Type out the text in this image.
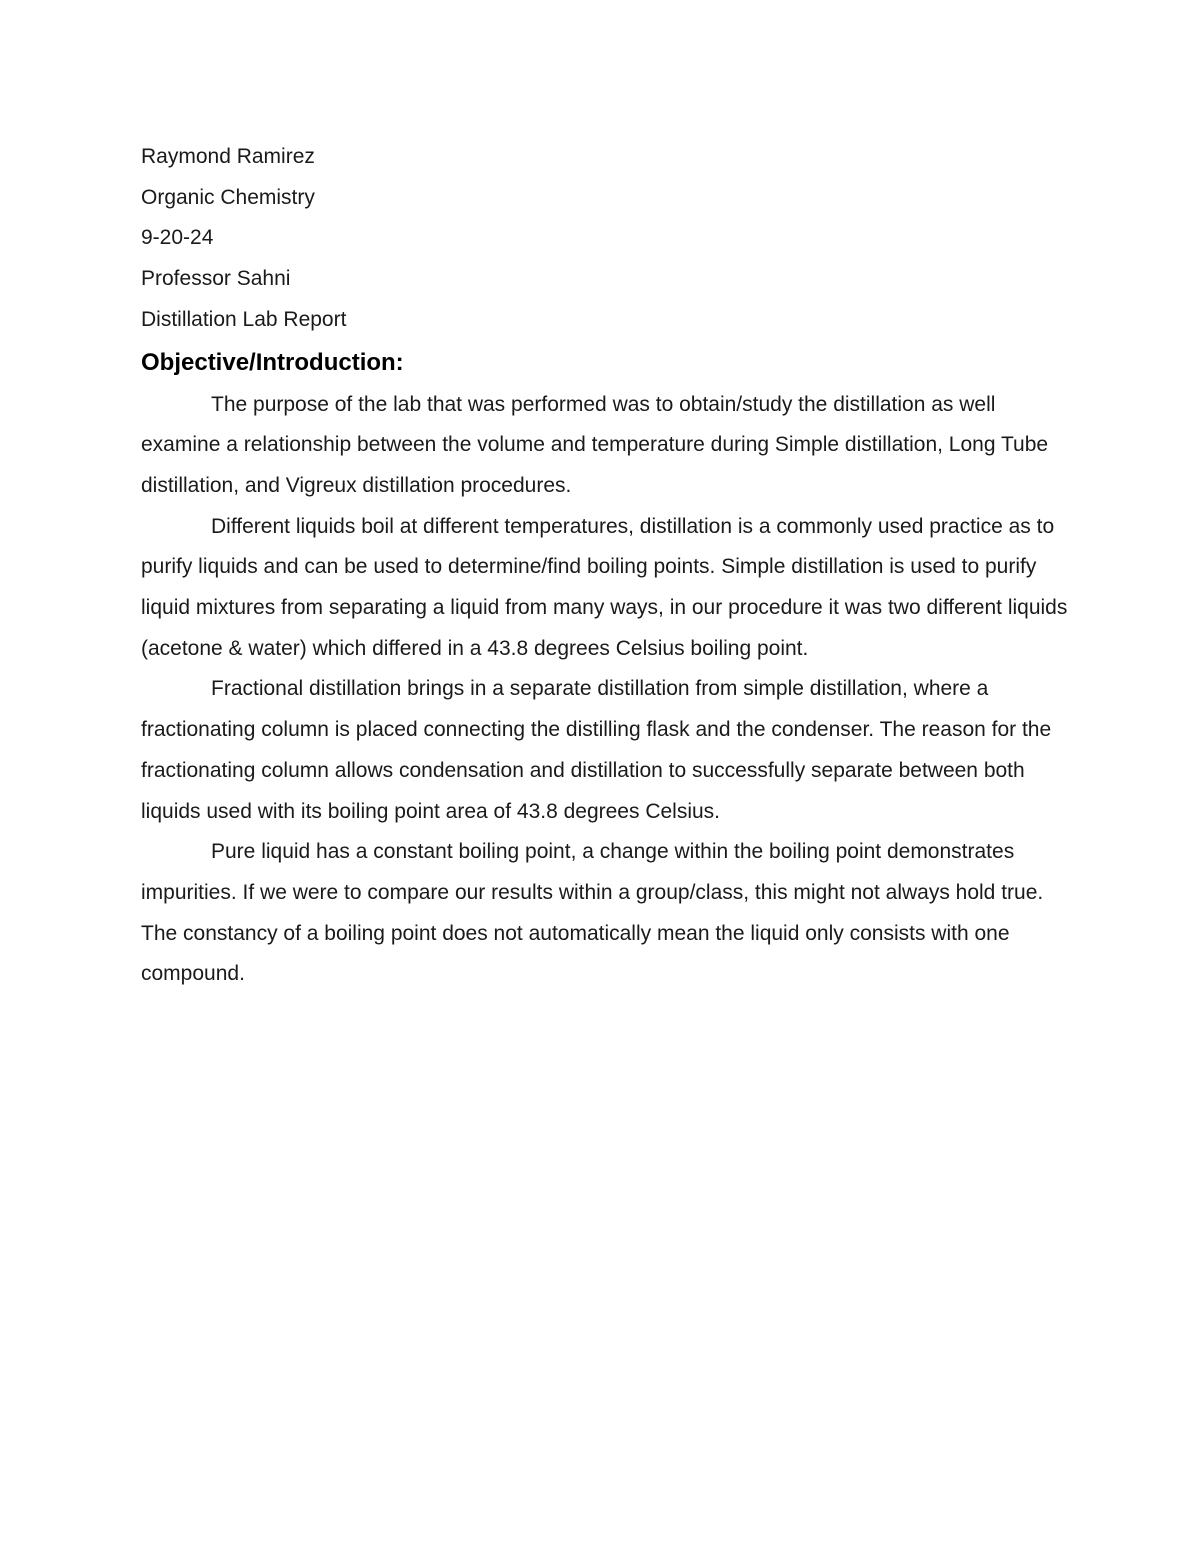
Raymond Ramirez

Organic Chemistry

9-20-24

Professor Sahni

Distillation Lab Report

Objective/Introduction:

The purpose of the lab that was performed was to obtain/study the distillation as well examine a relationship between the volume and temperature during Simple distillation, Long Tube distillation, and Vigreux distillation procedures.

Different liquids boil at different temperatures, distillation is a commonly used practice as to purify liquids and can be used to determine/find boiling points. Simple distillation is used to purify liquid mixtures from separating a liquid from many ways, in our procedure it was two different liquids (acetone & water) which differed in a 43.8 degrees Celsius boiling point.

Fractional distillation brings in a separate distillation from simple distillation, where a fractionating column is placed connecting the distilling flask and the condenser. The reason for the fractionating column allows condensation and distillation to successfully separate between both liquids used with its boiling point area of 43.8 degrees Celsius.

Pure liquid has a constant boiling point, a change within the boiling point demonstrates impurities. If we were to compare our results within a group/class, this might not always hold true. The constancy of a boiling point does not automatically mean the liquid only consists with one compound.
